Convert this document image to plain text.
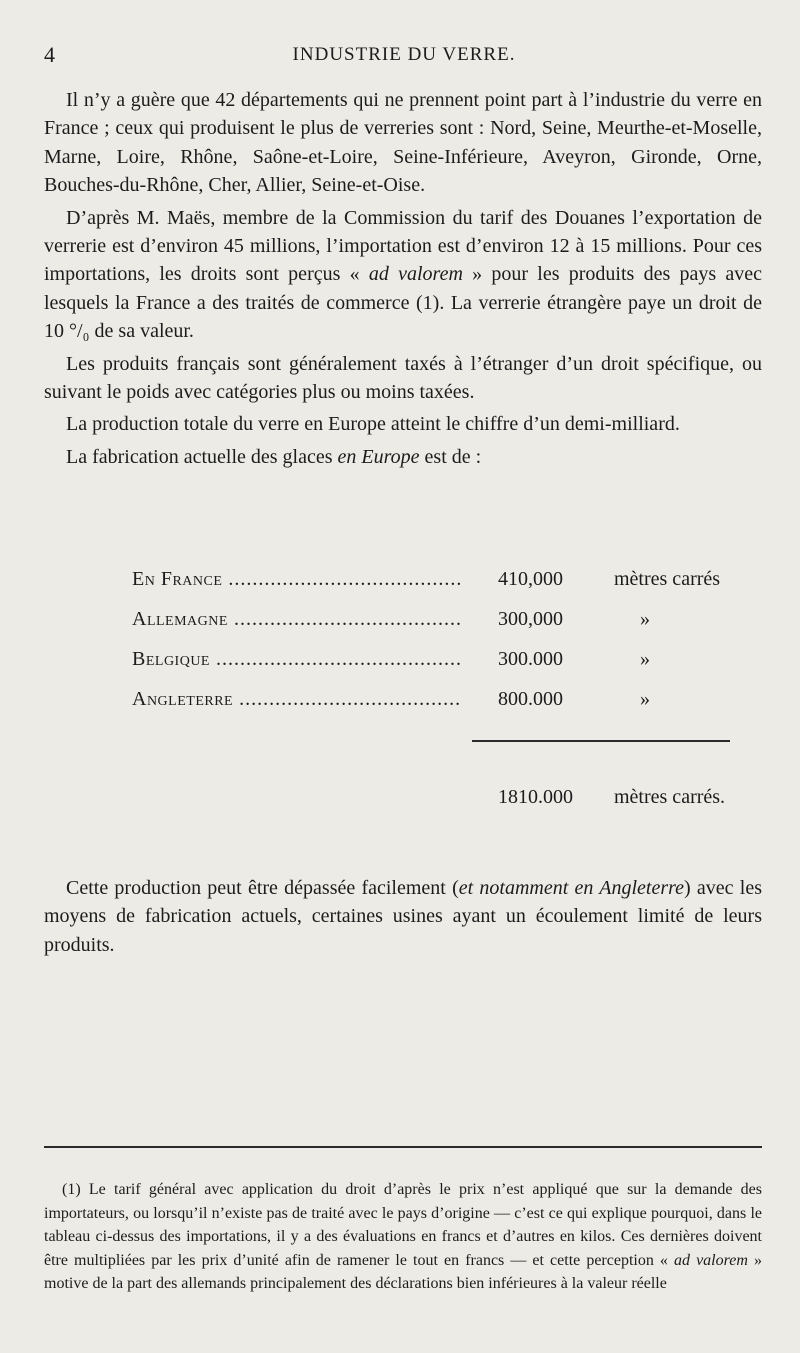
4	INDUSTRIE DU VERRE.

Il n’y a guère que 42 départements qui ne prennent point part à l’industrie du verre en France ; ceux qui produisent le plus de verreries sont : Nord, Seine, Meurthe-et-Moselle, Marne, Loire, Rhône, Saône-et-Loire, Seine-Inférieure, Aveyron, Gironde, Orne, Bouches-du-Rhône, Cher, Allier, Seine-et-Oise.

D’après M. Maës, membre de la Commission du tarif des Douanes l’exportation de verrerie est d’environ 45 millions, l’importation est d’environ 12 à 15 millions. Pour ces importations, les droits sont perçus « ad valorem » pour les produits des pays avec lesquels la France a des traités de commerce (1). La verrerie étrangère paye un droit de 10 °/₀ de sa valeur.

Les produits français sont généralement taxés à l’étranger d’un droit spécifique, ou suivant le poids avec catégories plus ou moins taxées.

La production totale du verre en Europe atteint le chiffre d’un demi-milliard.

La fabrication actuelle des glaces en Europe est de :

En France .....	410,000	mètres carrés
Allemagne .....	300,000	»
Belgique .....	300.000	»
Angleterre .....	800.000	»
1810.000	mètres carrés.

Cette production peut être dépassée facilement (et notamment en Angleterre) avec les moyens de fabrication actuels, certaines usines ayant un écoulement limité de leurs produits.

(1) Le tarif général avec application du droit d’après le prix n’est appliqué que sur la demande des importateurs, ou lorsqu’il n’existe pas de traité avec le pays d’origine — c’est ce qui explique pourquoi, dans le tableau ci-dessus des importations, il y a des évaluations en francs et d’autres en kilos. Ces dernières doivent être multipliées par les prix d’unité afin de ramener le tout en francs — et cette perception « ad valorem » motive de la part des allemands principalement des déclarations bien inférieures à la valeur réelle
